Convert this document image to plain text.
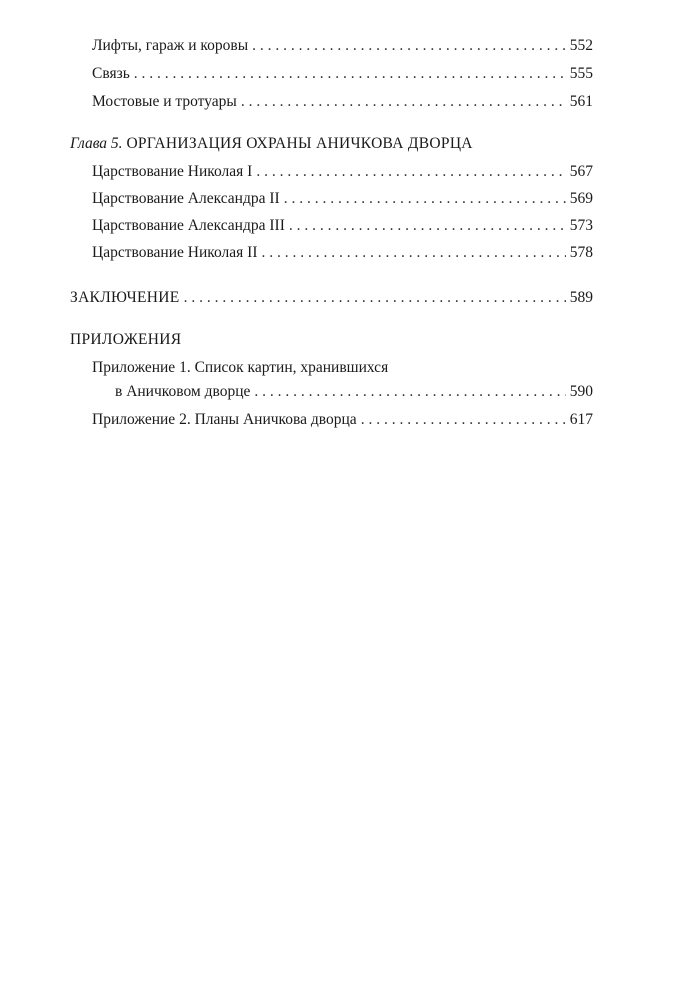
Лифты, гараж и коровы . . .	552
Связь . . .	555
Мостовые и тротуары . . .	561
Глава 5. ОРГАНИЗАЦИЯ ОХРАНЫ АНИЧКОВА ДВОРЦА
Царствование Николая I . . .	567
Царствование Александра II . . .	569
Царствование Александра III . . .	573
Царствование Николая II . . .	578
ЗАКЛЮЧЕНИЕ . . .	589
ПРИЛОЖЕНИЯ
Приложение 1. Список картин, хранившихся
в Аничковом дворце . . .	590
Приложение 2. Планы Аничкова дворца . . .	617
